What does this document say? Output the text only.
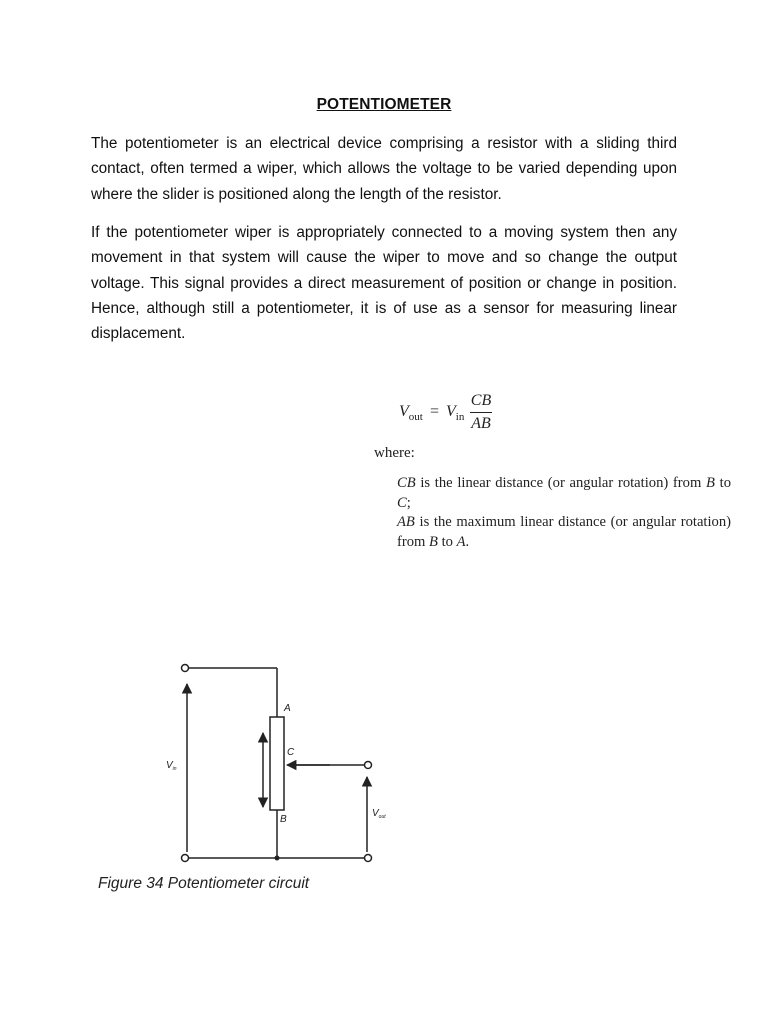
POTENTIOMETER

The potentiometer is an electrical device comprising a resistor with a sliding third contact, often termed a wiper, which allows the voltage to be varied depending upon where the slider is positioned along the length of the resistor.

If the potentiometer wiper is appropriately connected to a moving system then any movement in that system will cause the wiper to move and so change the output voltage. This signal provides a direct measurement of position or change in position. Hence, although still a potentiometer, it is of use as a sensor for measuring linear displacement.

$V_{out} = V_{in}$
CB
AB
where:

CB is the linear distance (or angular rotation) from B to C;

AB is the maximum linear distance (or angular rotation) from B to A.

A
C
B
$V_{in}$
$V_{out}$
Figure 34 Potentiometer circuit
